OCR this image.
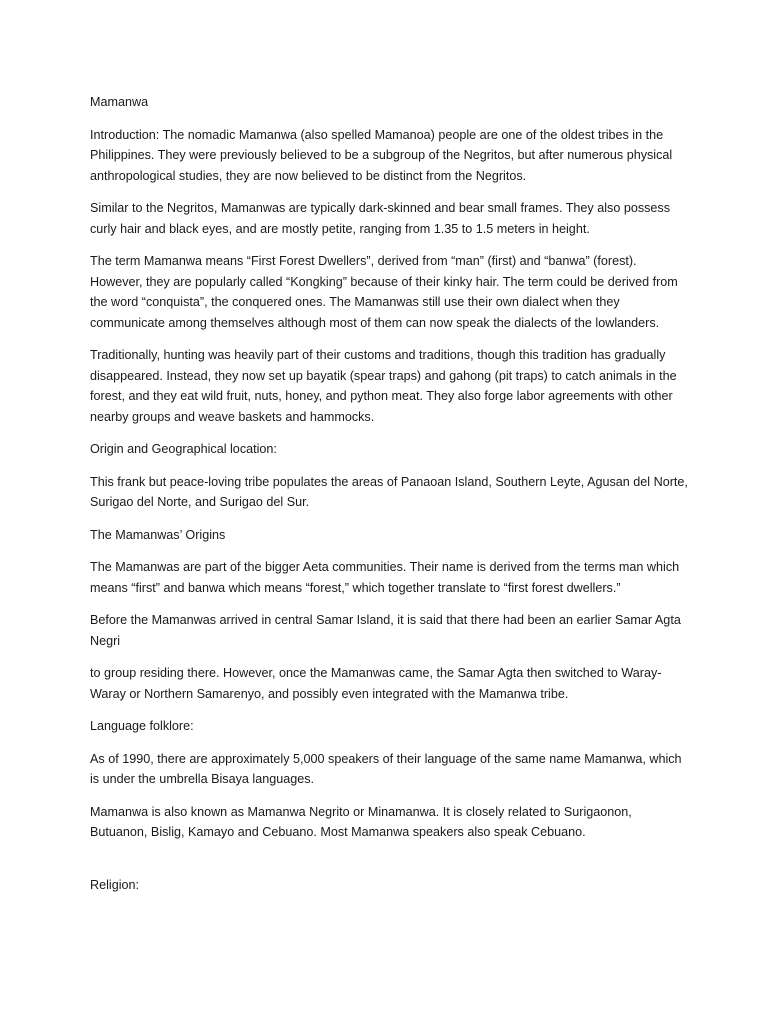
Mamanwa

Introduction: The nomadic Mamanwa (also spelled Mamanoa) people are one of the oldest tribes in the Philippines. They were previously believed to be a subgroup of the Negritos, but after numerous physical anthropological studies, they are now believed to be distinct from the Negritos.

Similar to the Negritos, Mamanwas are typically dark-skinned and bear small frames. They also possess curly hair and black eyes, and are mostly petite, ranging from 1.35 to 1.5 meters in height.

The term Mamanwa means “First Forest Dwellers”, derived from “man” (first) and “banwa” (forest). However, they are popularly called “Kongking” because of their kinky hair. The term could be derived from the word “conquista”, the conquered ones. The Mamanwas still use their own dialect when they communicate among themselves although most of them can now speak the dialects of the lowlanders.

Traditionally, hunting was heavily part of their customs and traditions, though this tradition has gradually disappeared. Instead, they now set up bayatik (spear traps) and gahong (pit traps) to catch animals in the forest, and they eat wild fruit, nuts, honey, and python meat. They also forge labor agreements with other nearby groups and weave baskets and hammocks.

Origin and Geographical location:

This frank but peace-loving tribe populates the areas of Panaoan Island, Southern Leyte, Agusan del Norte, Surigao del Norte, and Surigao del Sur.

The Mamanwas’ Origins

The Mamanwas are part of the bigger Aeta communities. Their name is derived from the terms man which means “first” and banwa which means “forest,” which together translate to “first forest dwellers.”

Before the Mamanwas arrived in central Samar Island, it is said that there had been an earlier Samar Agta Negri

to group residing there. However, once the Mamanwas came, the Samar Agta then switched to Waray-Waray or Northern Samarenyo, and possibly even integrated with the Mamanwa tribe.

Language folklore:

As of 1990, there are approximately 5,000 speakers of their language of the same name Mamanwa, which is under the umbrella Bisaya languages.

Mamanwa is also known as Mamanwa Negrito or Minamanwa. It is closely related to Surigaonon, Butuanon, Bislig, Kamayo and Cebuano. Most Mamanwa speakers also speak Cebuano.

Religion:
